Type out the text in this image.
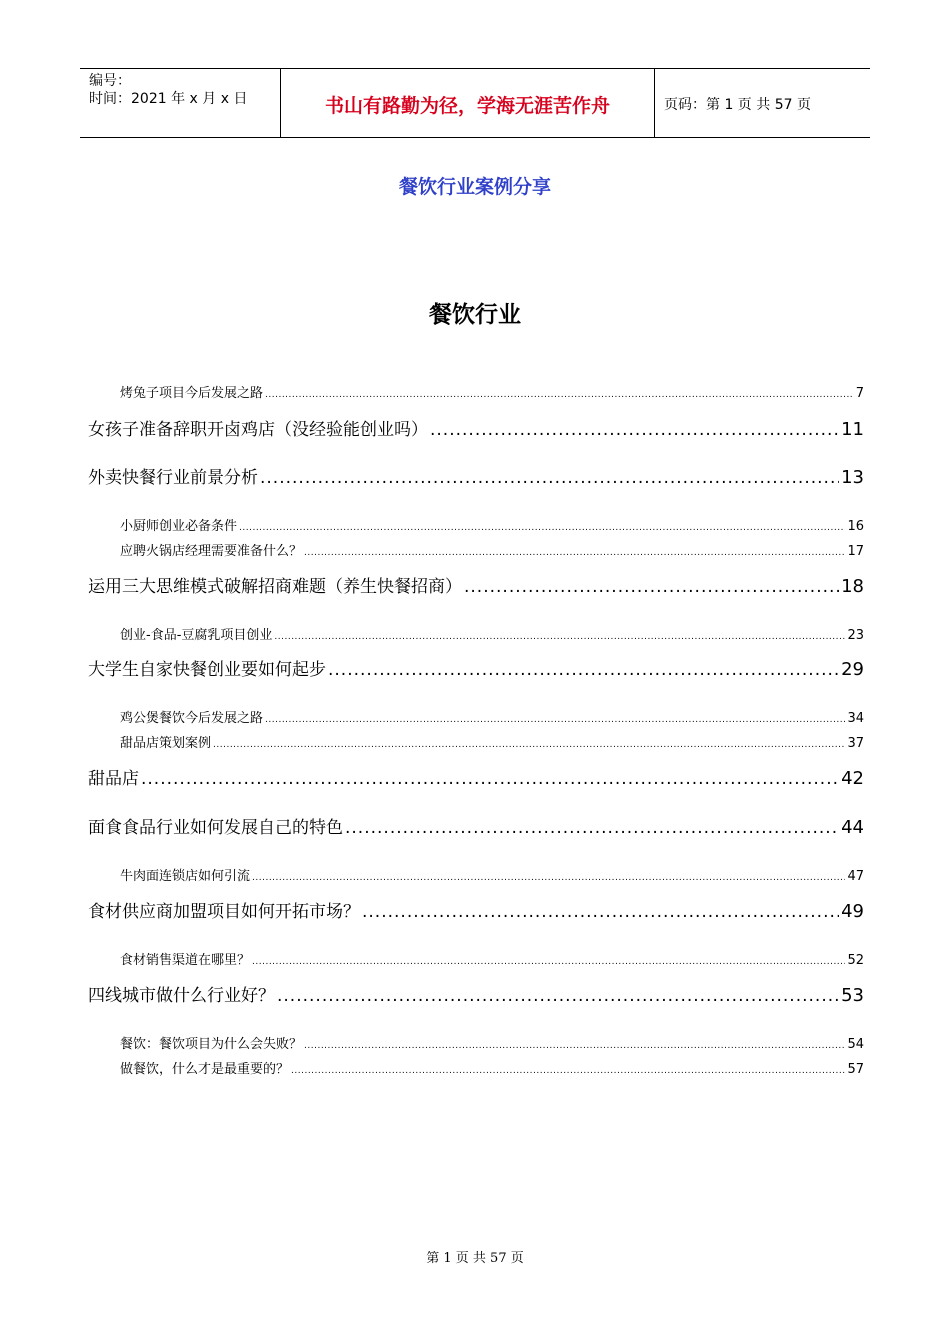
编号：
时间：2021 年 x 月 x 日	书山有路勤为径，学海无涯苦作舟	页码：第 1 页 共 57 页
餐饮行业案例分享
餐饮行业
烤兔子项目今后发展之路 .....	7
女孩子准备辞职开卤鸡店（没经验能创业吗） .....	11
外卖快餐行业前景分析 .....	13
小厨师创业必备条件 .....	16
应聘火锅店经理需要准备什么？ .....	17
运用三大思维模式破解招商难题（养生快餐招商） .....	18
创业-食品-豆腐乳项目创业 .....	23
大学生自家快餐创业要如何起步 .....	29
鸡公煲餐饮今后发展之路 .....	34
甜品店策划案例 .....	37
甜品店 .....	42
面食食品行业如何发展自己的特色 .....	44
牛肉面连锁店如何引流 .....	47
食材供应商加盟项目如何开拓市场？ .....	49
食材销售渠道在哪里？ .....	52
四线城市做什么行业好？ .....	53
餐饮：餐饮项目为什么会失败？ .....	54
做餐饮，什么才是最重要的？ .....	57
第 1 页 共 57 页
